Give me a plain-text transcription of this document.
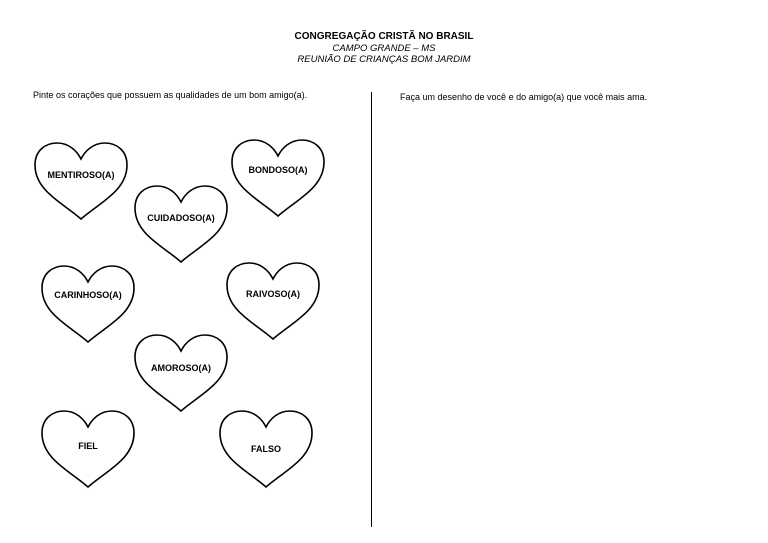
CONGREGAÇÃO CRISTÃ NO BRASIL
CAMPO GRANDE – MS
REUNIÃO DE CRIANÇAS BOM JARDIM
Pinte os corações que possuem as qualidades de um bom amigo(a).	Faça um desenho de você e do amigo(a) que você mais ama.
MENTIROSO(A)	BONDOSO(A)
CUIDADOSO(A)
CARINHOSO(A)	RAIVOSO(A)
AMOROSO(A)
FIEL	FALSO
